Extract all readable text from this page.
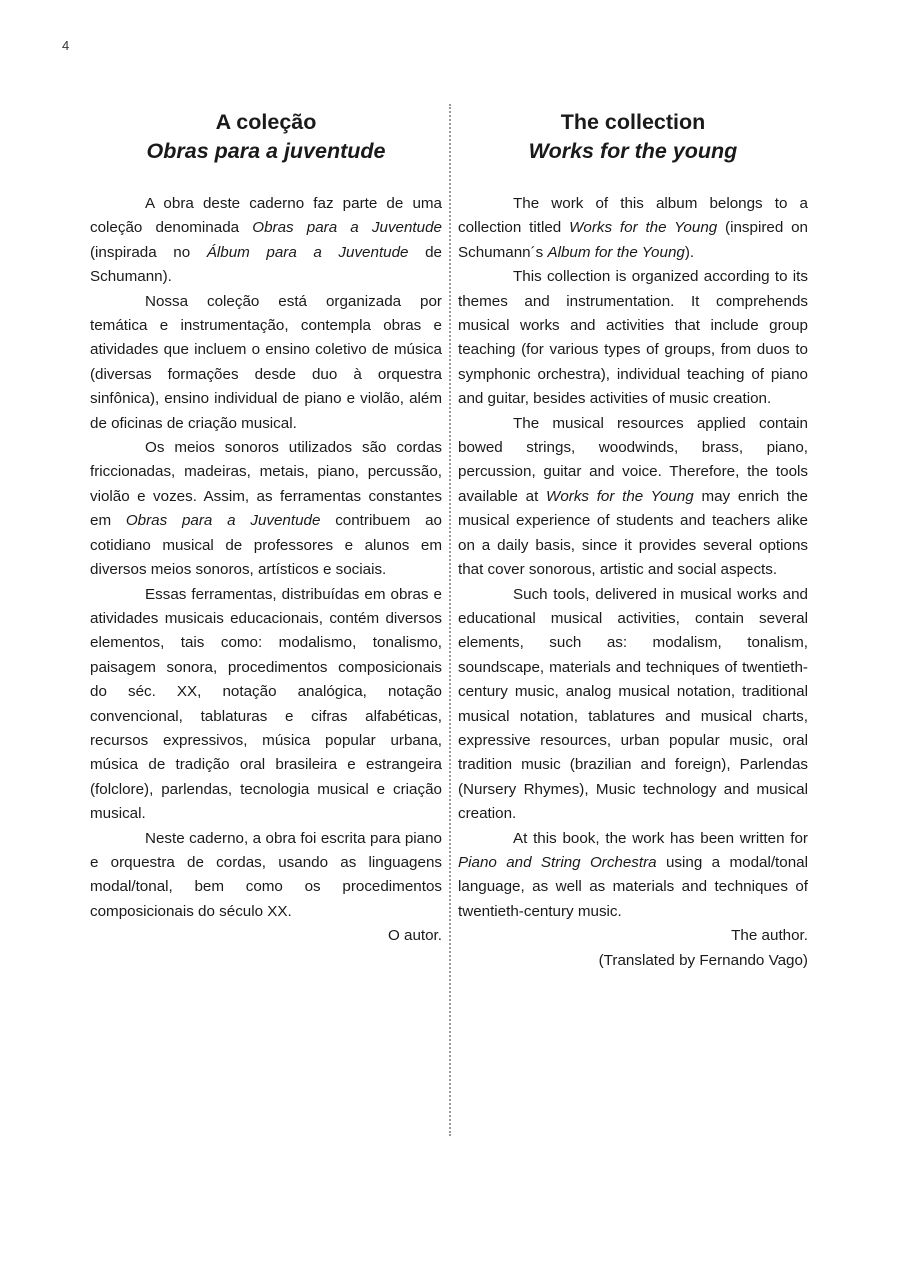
4
A coleção
Obras para a juventude

A obra deste caderno faz parte de uma coleção denominada Obras para a Juventude (inspirada no Álbum para a Juventude de Schumann).

Nossa coleção está organizada por temática e instrumentação, contempla obras e atividades que incluem o ensino coletivo de música (diversas formações desde duo à orquestra sinfônica), ensino individual de piano e violão, além de oficinas de criação musical.

Os meios sonoros utilizados são cordas friccionadas, madeiras, metais, piano, percussão, violão e vozes. Assim, as ferramentas constantes em Obras para a Juventude contribuem ao cotidiano musical de professores e alunos em diversos meios sonoros, artísticos e sociais.

Essas ferramentas, distribuídas em obras e atividades musicais educacionais, contém diversos elementos, tais como: modalismo, tonalismo, paisagem sonora, procedimentos composicionais do séc. XX, notação analógica, notação convencional, tablaturas e cifras alfabéticas, recursos expressivos, música popular urbana, música de tradição oral brasileira e estrangeira (folclore), parlendas, tecnologia musical e criação musical.

Neste caderno, a obra foi escrita para piano e orquestra de cordas, usando as linguagens modal/tonal, bem como os procedimentos composicionais do século XX.

O autor.

The collection
Works for the young

The work of this album belongs to a collection titled Works for the Young (inspired on Schumann´s Album for the Young).

This collection is organized according to its themes and instrumentation. It comprehends musical works and activities that include group teaching (for various types of groups, from duos to symphonic orchestra), individual teaching of piano and guitar, besides activities of music creation.

The musical resources applied contain bowed strings, woodwinds, brass, piano, percussion, guitar and voice. Therefore, the tools available at Works for the Young may enrich the musical experience of students and teachers alike on a daily basis, since it provides several options that cover sonorous, artistic and social aspects.

Such tools, delivered in musical works and educational musical activities, contain several elements, such as: modalism, tonalism, soundscape, materials and techniques of twentieth-century music, analog musical notation, traditional musical notation, tablatures and musical charts, expressive resources, urban popular music, oral tradition music (brazilian and foreign), Parlendas (Nursery Rhymes), Music technology and musical creation.

At this book, the work has been written for Piano and String Orchestra using a modal/tonal language, as well as materials and techniques of twentieth-century music.

The author.

(Translated by Fernando Vago)
